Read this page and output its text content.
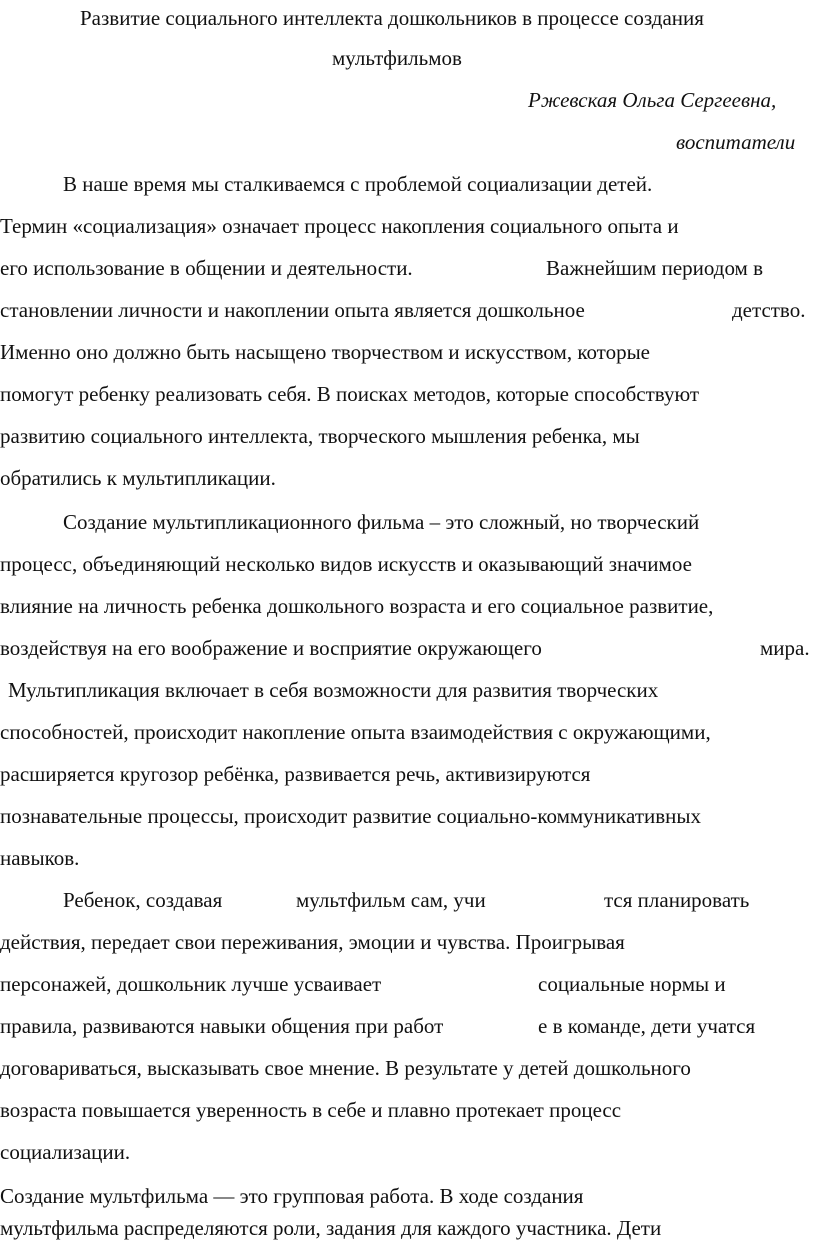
Развитие социального интеллекта дошкольников в процессе создания
мультфильмов
Ржевская Ольга Сергеевна,
воспитатели
В наше время мы сталкиваемся с проблемой социализации детей.
Термин «социализация» означает процесс накопления социального опыта и
его использование в общении и деятельности.	Важнейшим периодом в
становлении личности и накоплении опыта является дошкольное	детство.
Именно оно должно быть насыщено творчеством и искусством, которые
помогут ребенку реализовать себя. В поисках методов, которые способствуют
развитию социального интеллекта, творческого мышления ребенка, мы
обратились к мультипликации.
Создание мультипликационного фильма – это сложный, но творческий
процесс, объединяющий несколько видов искусств и оказывающий значимое
влияние на личность ребенка дошкольного возраста и его социальное развитие,
воздействуя на его воображение и восприятие окружающего	мира.
Мультипликация включает в себя возможности для развития творческих
способностей, происходит накопление опыта взаимодействия с окружающими,
расширяется кругозор ребёнка, развивается речь, активизируются
познавательные процессы, происходит развитие социально-коммуникативных
навыков.
Ребенок, создавая	мультфильм сам, учи	тся планировать
действия, передает свои переживания, эмоции и чувства. Проигрывая
персонажей, дошкольник лучше усваивает	социальные нормы и
правила, развиваются навыки общения при работ	е в команде, дети учатся
договариваться, высказывать свое мнение. В результате у детей дошкольного
возраста повышается уверенность в себе и плавно протекает процесс
социализации.
Создание мультфильма — это групповая работа. В ходе создания
мультфильма распределяются роли, задания для каждого участника. Дети
